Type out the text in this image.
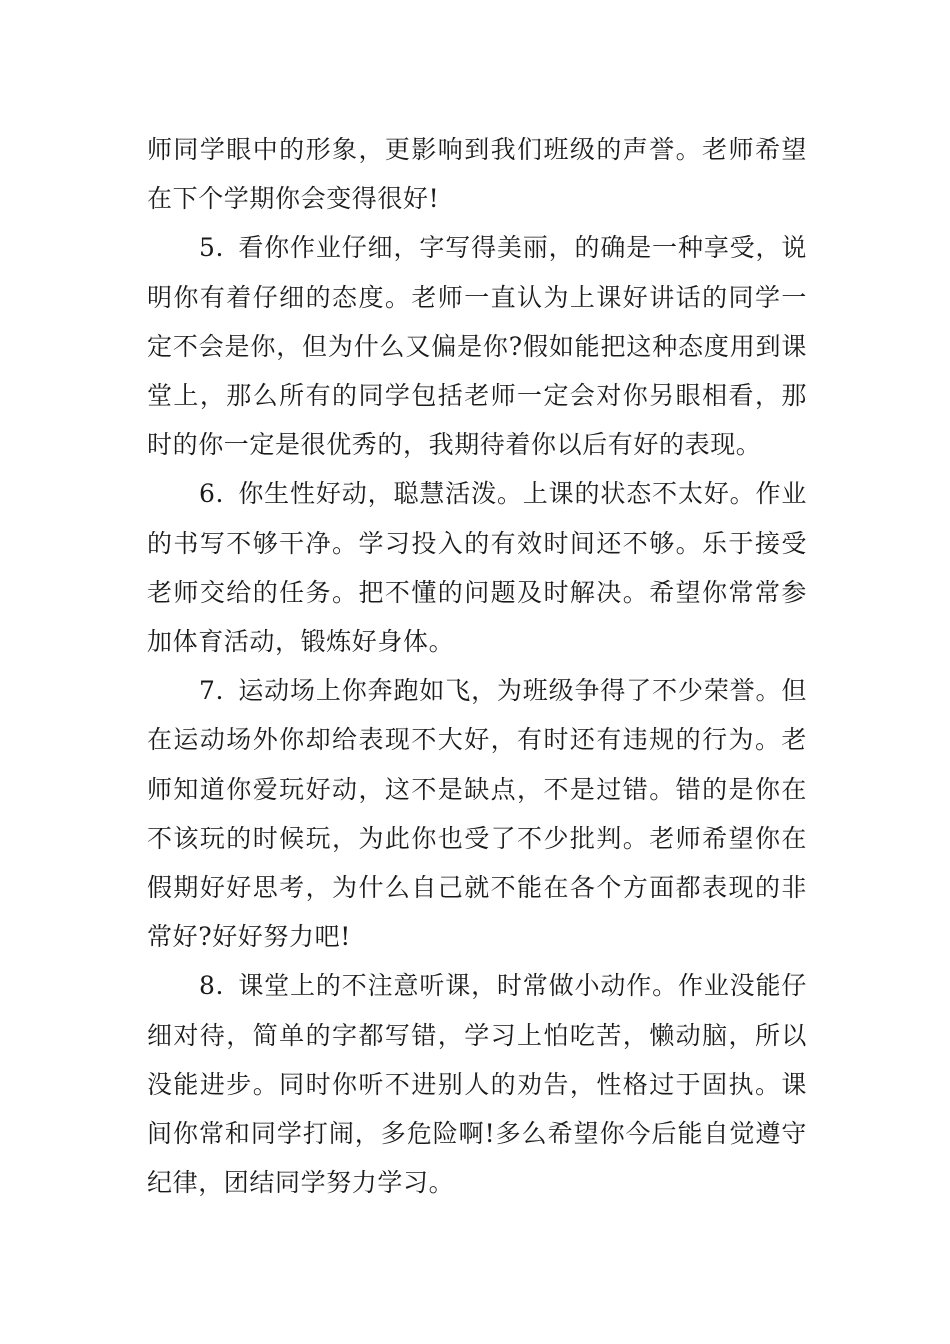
师同学眼中的形象，更影响到我们班级的声誉。老师希望在下个学期你会变得很好!

5. 看你作业仔细，字写得美丽，的确是一种享受，说明你有着仔细的态度。老师一直认为上课好讲话的同学一定不会是你，但为什么又偏是你?假如能把这种态度用到课堂上，那么所有的同学包括老师一定会对你另眼相看，那时的你一定是很优秀的，我期待着你以后有好的表现。

6. 你生性好动，聪慧活泼。上课的状态不太好。作业的书写不够干净。学习投入的有效时间还不够。乐于接受老师交给的任务。把不懂的问题及时解决。希望你常常参加体育活动，锻炼好身体。

7. 运动场上你奔跑如飞，为班级争得了不少荣誉。但在运动场外你却给表现不大好，有时还有违规的行为。老师知道你爱玩好动，这不是缺点，不是过错。错的是你在不该玩的时候玩，为此你也受了不少批判。老师希望你在假期好好思考，为什么自己就不能在各个方面都表现的非常好?好好努力吧!

8. 课堂上的不注意听课，时常做小动作。作业没能仔细对待，简单的字都写错，学习上怕吃苦，懒动脑，所以没能进步。同时你听不进别人的劝告，性格过于固执。课间你常和同学打闹，多危险啊!多么希望你今后能自觉遵守纪律，团结同学努力学习。
